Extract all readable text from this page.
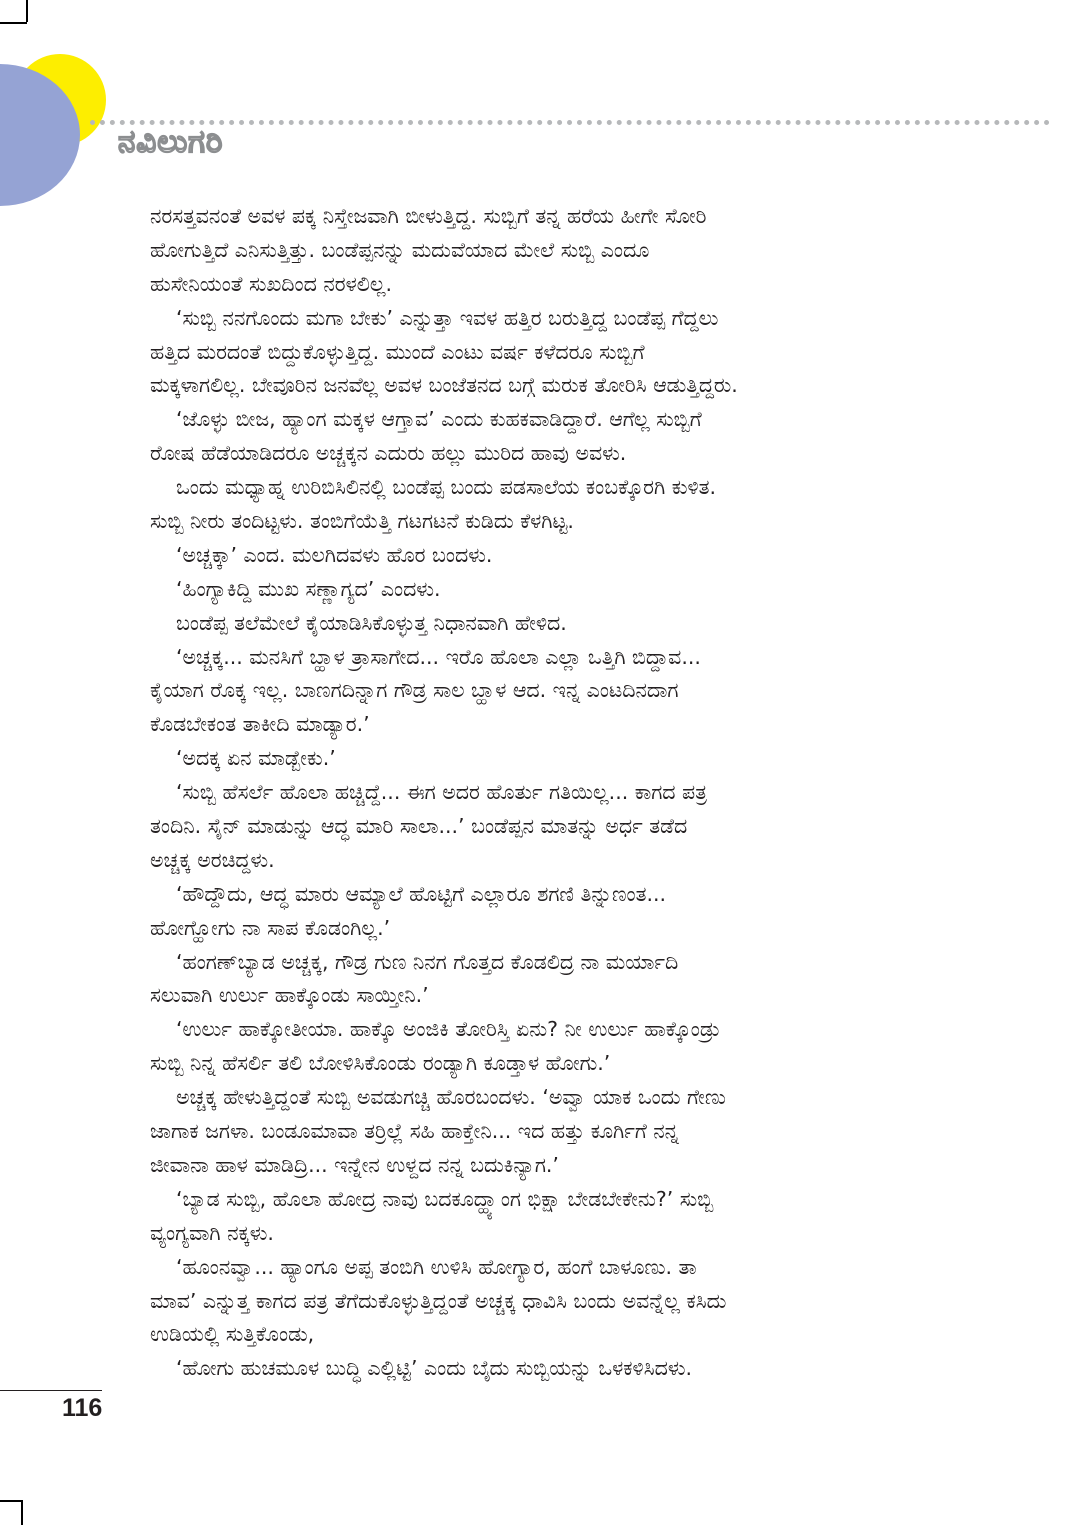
ನವಿಲುಗರಿ
ನರಸತ್ತವನಂತೆ ಅವಳ ಪಕ್ಕ ನಿಸ್ತೇಜವಾಗಿ ಬೀಳುತ್ತಿದ್ದ. ಸುಬ್ಬಿಗೆ ತನ್ನ ಹರೆಯ ಹೀಗೇ ಸೋರಿ
ಹೋಗುತ್ತಿದೆ ಎನಿಸುತ್ತಿತ್ತು. ಬಂಡೆಪ್ಪನನ್ನು ಮದುವೆಯಾದ ಮೇಲೆ ಸುಬ್ಬಿ ಎಂದೂ
ಹುಸೇನಿಯಂತೆ ಸುಖದಿಂದ ನರಳಲಿಲ್ಲ.
‘ಸುಬ್ಬಿ ನನಗೊಂದು ಮಗಾ ಬೇಕು’ ಎನ್ನುತ್ತಾ ಇವಳ ಹತ್ತಿರ ಬರುತ್ತಿದ್ದ ಬಂಡೆಪ್ಪ ಗೆದ್ದಲು
ಹತ್ತಿದ ಮರದಂತೆ ಬಿದ್ದುಕೊಳ್ಳುತ್ತಿದ್ದ. ಮುಂದೆ ಎಂಟು ವರ್ಷ ಕಳೆದರೂ ಸುಬ್ಬಿಗೆ
ಮಕ್ಕಳಾಗಲಿಲ್ಲ. ಬೇವೂರಿನ ಜನವೆಲ್ಲ ಅವಳ ಬಂಜೆತನದ ಬಗ್ಗೆ ಮರುಕ ತೋರಿಸಿ ಆಡುತ್ತಿದ್ದರು.
‘ಜೊಳ್ಳು ಬೀಜ, ಹ್ಯಾಂಗ ಮಕ್ಕಳ ಆಗ್ತಾವ’ ಎಂದು ಕುಹಕವಾಡಿದ್ದಾರೆ. ಆಗೆಲ್ಲ ಸುಬ್ಬಿಗೆ
ರೋಷ ಹೆಡೆಯಾಡಿದರೂ ಅಚ್ಚಕ್ಕನ ಎದುರು ಹಲ್ಲು ಮುರಿದ ಹಾವು ಅವಳು.
ಒಂದು ಮಧ್ಯಾಹ್ನ ಉರಿಬಿಸಿಲಿನಲ್ಲಿ ಬಂಡೆಪ್ಪ ಬಂದು ಪಡಸಾಲೆಯ ಕಂಬಕ್ಕೊರಗಿ ಕುಳಿತ.
ಸುಬ್ಬಿ ನೀರು ತಂದಿಟ್ಟಳು. ತಂಬಿಗೆಯೆತ್ತಿ ಗಟಗಟನೆ ಕುಡಿದು ಕೆಳಗಿಟ್ಟ.
‘ಅಚ್ಚಕ್ಕಾ’ ಎಂದ. ಮಲಗಿದವಳು ಹೊರ ಬಂದಳು.
‘ಹಿಂಗ್ಯಾಕಿದ್ದಿ ಮುಖ ಸಣ್ಣಾಗ್ಯದ’ ಎಂದಳು.
ಬಂಡೆಪ್ಪ ತಲೆಮೇಲೆ ಕೈಯಾಡಿಸಿಕೊಳ್ಳುತ್ತ ನಿಧಾನವಾಗಿ ಹೇಳಿದ.
‘ಅಚ್ಚಕ್ಕ... ಮನಸಿಗೆ ಬ್ಹಾಳ ತ್ರಾಸಾಗೇದ... ಇರೊ ಹೊಲಾ ಎಲ್ಲಾ ಒತ್ತಿಗಿ ಬಿದ್ದಾವ...
ಕೈಯಾಗ ರೊಕ್ಕ ಇಲ್ಲ. ಬಾಣಗದಿನ್ನಾಗ ಗೌಡ್ರ ಸಾಲ ಬ್ಹಾಳ ಆದ. ಇನ್ನ ಎಂಟದಿನದಾಗ
ಕೊಡಬೇಕಂತ ತಾಕೀದಿ ಮಾಡ್ಯಾರ.’
‘ಅದಕ್ಕ ಏನ ಮಾಡ್ಬೇಕು.’
‘ಸುಬ್ಬಿ ಹೆಸರ್ಲೆ ಹೊಲಾ ಹಚ್ಚಿದ್ದೆ... ಈಗ ಅದರ ಹೊರ್ತು ಗತಿಯಿಲ್ಲ... ಕಾಗದ ಪತ್ರ
ತಂದಿನಿ. ಸೈನ್ ಮಾಡುನ್ನು ಆದ್ಧ ಮಾರಿ ಸಾಲಾ...’ ಬಂಡೆಪ್ಪನ ಮಾತನ್ನು ಅರ್ಧ ತಡೆದ
ಅಚ್ಚಕ್ಕ ಅರಚಿದ್ದಳು.
‘ಹೌದ್ದೌದು, ಆದ್ಧ ಮಾರು ಆಮ್ಯಾಲೆ ಹೊಟ್ಟಿಗೆ ಎಲ್ಲಾರೂ ಶಗಣಿ ತಿನ್ನುಣಂತ...
ಹೋಗ್ಹೋಗು ನಾ ಸಾಪ ಕೊಡಂಗಿಲ್ಲ.’
‘ಹಂಗಣ್‌ಬ್ಯಾಡ ಅಚ್ಚಕ್ಕ, ಗೌಡ್ರ ಗುಣ ನಿನಗ ಗೊತ್ತದ ಕೊಡಲಿದ್ರ ನಾ ಮರ್ಯಾದಿ
ಸಲುವಾಗಿ ಉರ್ಲು ಹಾಕ್ಕೊಂಡು ಸಾಯ್ತೀನಿ.’
‘ಉರ್ಲು ಹಾಕ್ಕೋತೀಯಾ. ಹಾಕ್ಕೊ ಅಂಜಿಕಿ ತೋರಿಸ್ತಿ ಏನು? ನೀ ಉರ್ಲು ಹಾಕ್ಕೊಂಡ್ರು
ಸುಬ್ಬಿ ನಿನ್ನ ಹೆಸರ್ಲಿ ತಲಿ ಬೋಳಿಸಿಕೊಂಡು ರಂಡ್ಯಾಗಿ ಕೂಡ್ತಾಳ ಹೋಗು.’
ಅಚ್ಚಕ್ಕ ಹೇಳುತ್ತಿದ್ದಂತೆ ಸುಬ್ಬಿ ಅವಡುಗಚ್ಚಿ ಹೊರಬಂದಳು. ‘ಅವ್ವಾ ಯಾಕ ಒಂದು ಗೇಣು
ಜಾಗಾಕ ಜಗಳಾ. ಬಂಡೂಮಾವಾ ತರ್ರಿಲ್ಲೆ ಸಹಿ ಹಾಕ್ತೇನಿ... ಇದ ಹತ್ತು ಕೂರ್ಗಿಗೆ ನನ್ನ
ಜೀವಾನಾ ಹಾಳ ಮಾಡಿದ್ರಿ... ಇನ್ನೇನ ಉಳ್ದದ ನನ್ನ ಬದುಕಿನ್ಯಾಗ.’
‘ಬ್ಯಾಡ ಸುಬ್ಬಿ, ಹೊಲಾ ಹೋದ್ರ ನಾವು ಬದಕೂದ್ಹ್ಯಾಂಗ ಭಿಕ್ಷಾ ಬೇಡಬೇಕೇನು?’ ಸುಬ್ಬಿ
ವ್ಯಂಗ್ಯವಾಗಿ ನಕ್ಕಳು.
‘ಹೂಂನವ್ವಾ... ಹ್ಯಾಂಗೂ ಅಪ್ಪ ತಂಬಿಗಿ ಉಳಿಸಿ ಹೋಗ್ಯಾರ, ಹಂಗೆ ಬಾಳೂಣು. ತಾ
ಮಾವ’ ಎನ್ನುತ್ತ ಕಾಗದ ಪತ್ರ ತೆಗೆದುಕೊಳ್ಳುತ್ತಿದ್ದಂತೆ ಅಚ್ಚಕ್ಕ ಧಾವಿಸಿ ಬಂದು ಅವನ್ನೆಲ್ಲ ಕಸಿದು
ಉಡಿಯಲ್ಲಿ ಸುತ್ತಿಕೊಂಡು,
‘ಹೋಗು ಹುಚಮೂಳ ಬುದ್ಧಿ ಎಲ್ಲಿಟ್ಟಿ’ ಎಂದು ಬೈದು ಸುಬ್ಬಿಯನ್ನು ಒಳಕಳಿಸಿದಳು.
116
